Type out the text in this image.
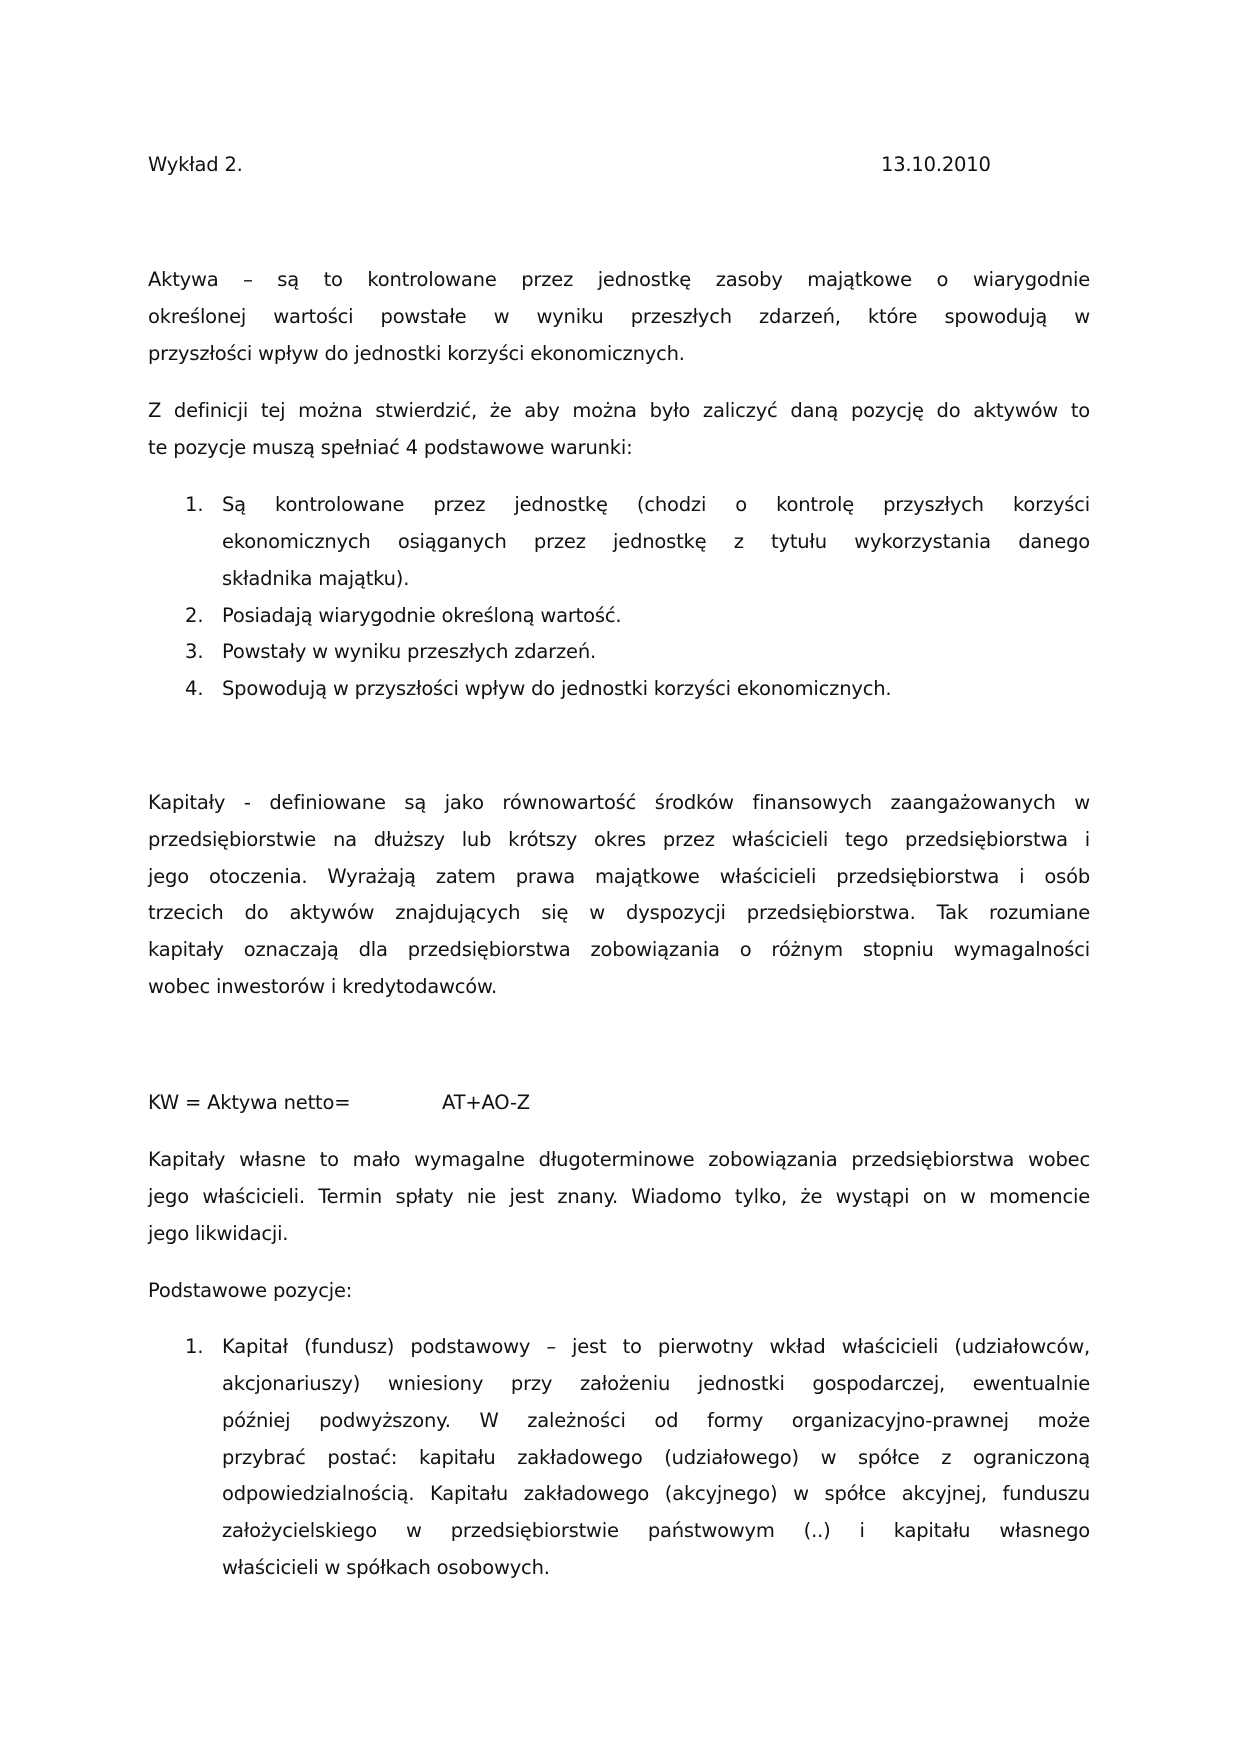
Wykład 2.	13.10.2010
Aktywa – są to kontrolowane przez jednostkę zasoby majątkowe o wiarygodnie
określonej wartości powstałe w wyniku przeszłych zdarzeń, które spowodują w
przyszłości wpływ do jednostki korzyści ekonomicznych.
Z definicji tej można stwierdzić, że aby można było zaliczyć daną pozycję do aktywów to
te pozycje muszą spełniać 4 podstawowe warunki:
1. Są kontrolowane przez jednostkę (chodzi o kontrolę przyszłych korzyści
ekonomicznych osiąganych przez jednostkę z tytułu wykorzystania danego
składnika majątku).
2. Posiadają wiarygodnie określoną wartość.
3. Powstały w wyniku przeszłych zdarzeń.
4. Spowodują w przyszłości wpływ do jednostki korzyści ekonomicznych.
Kapitały - definiowane są jako równowartość środków finansowych zaangażowanych w
przedsiębiorstwie na dłuższy lub krótszy okres przez właścicieli tego przedsiębiorstwa i
jego otoczenia. Wyrażają zatem prawa majątkowe właścicieli przedsiębiorstwa i osób
trzecich do aktywów znajdujących się w dyspozycji przedsiębiorstwa. Tak rozumiane
kapitały oznaczają dla przedsiębiorstwa zobowiązania o różnym stopniu wymagalności
wobec inwestorów i kredytodawców.
KW = Aktywa netto=	AT+AO-Z
Kapitały własne to mało wymagalne długoterminowe zobowiązania przedsiębiorstwa wobec
jego właścicieli. Termin spłaty nie jest znany. Wiadomo tylko, że wystąpi on w momencie
jego likwidacji.
Podstawowe pozycje:
1. Kapitał (fundusz) podstawowy – jest to pierwotny wkład właścicieli (udziałowców,
akcjonariuszy) wniesiony przy założeniu jednostki gospodarczej, ewentualnie
później podwyższony. W zależności od formy organizacyjno-prawnej może
przybrać postać: kapitału zakładowego (udziałowego) w spółce z ograniczoną
odpowiedzialnością. Kapitału zakładowego (akcyjnego) w spółce akcyjnej, funduszu
założycielskiego w przedsiębiorstwie państwowym (..) i kapitału własnego
właścicieli w spółkach osobowych.
